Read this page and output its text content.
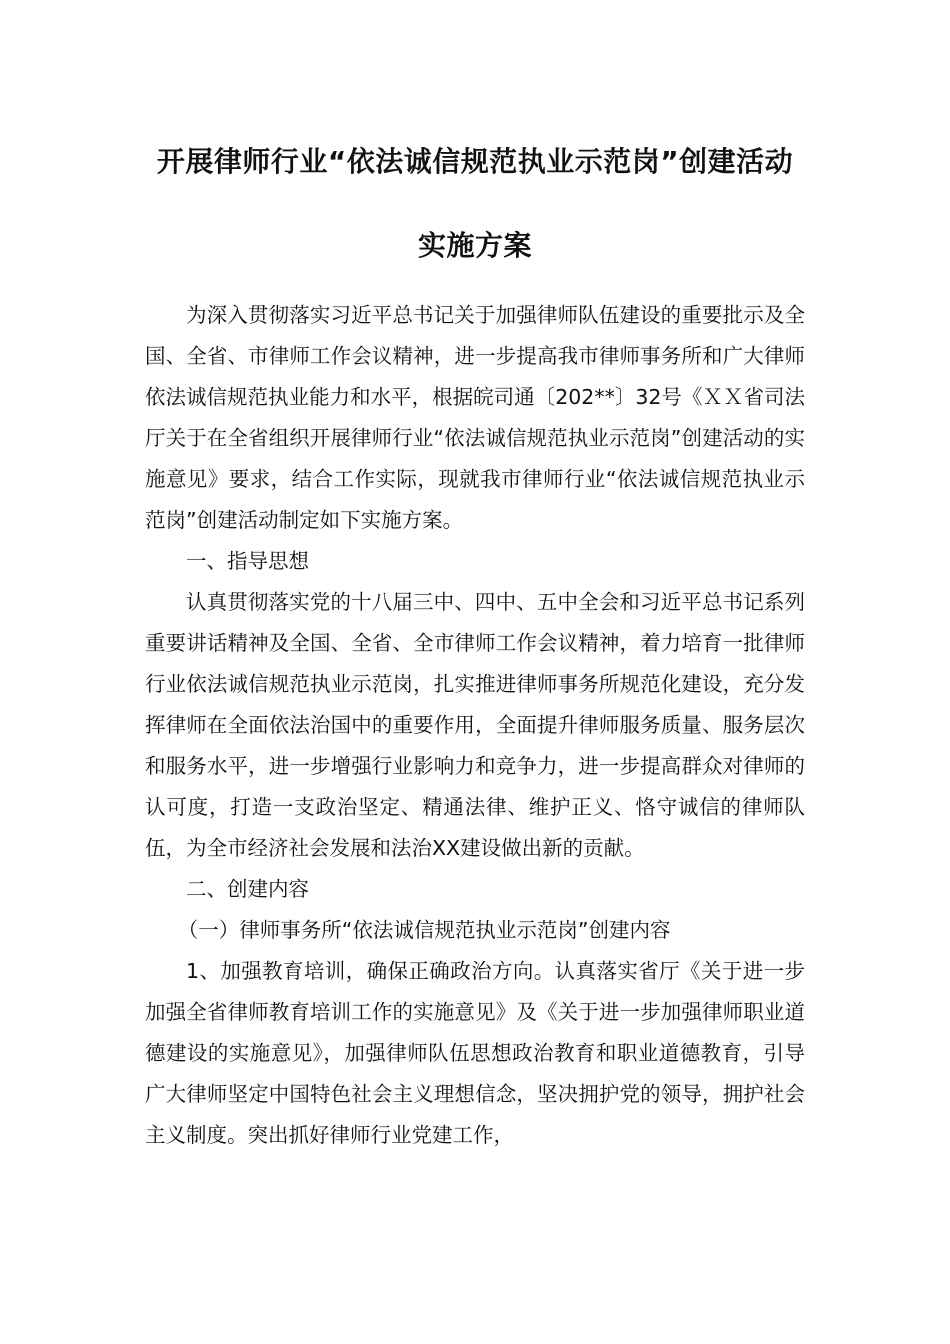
开展律师行业“依法诚信规范执业示范岗”创建活动
实施方案

为深入贯彻落实习近平总书记关于加强律师队伍建设的重要批示及全国、全省、市律师工作会议精神，进一步提高我市律师事务所和广大律师依法诚信规范执业能力和水平，根据皖司通〔202**〕32号《ＸＸ省司法厅关于在全省组织开展律师行业“依法诚信规范执业示范岗”创建活动的实施意见》要求，结合工作实际，现就我市律师行业“依法诚信规范执业示范岗”创建活动制定如下实施方案。

一、指导思想

认真贯彻落实党的十八届三中、四中、五中全会和习近平总书记系列重要讲话精神及全国、全省、全市律师工作会议精神，着力培育一批律师行业依法诚信规范执业示范岗，扎实推进律师事务所规范化建设，充分发挥律师在全面依法治国中的重要作用，全面提升律师服务质量、服务层次和服务水平，进一步增强行业影响力和竞争力，进一步提高群众对律师的认可度，打造一支政治坚定、精通法律、维护正义、恪守诚信的律师队伍，为全市经济社会发展和法治XX建设做出新的贡献。

二、创建内容

（一）律师事务所“依法诚信规范执业示范岗”创建内容

1、加强教育培训，确保正确政治方向。认真落实省厅《关于进一步加强全省律师教育培训工作的实施意见》及《关于进一步加强律师职业道德建设的实施意见》，加强律师队伍思想政治教育和职业道德教育，引导广大律师坚定中国特色社会主义理想信念，坚决拥护党的领导，拥护社会主义制度。突出抓好律师行业党建工作，
